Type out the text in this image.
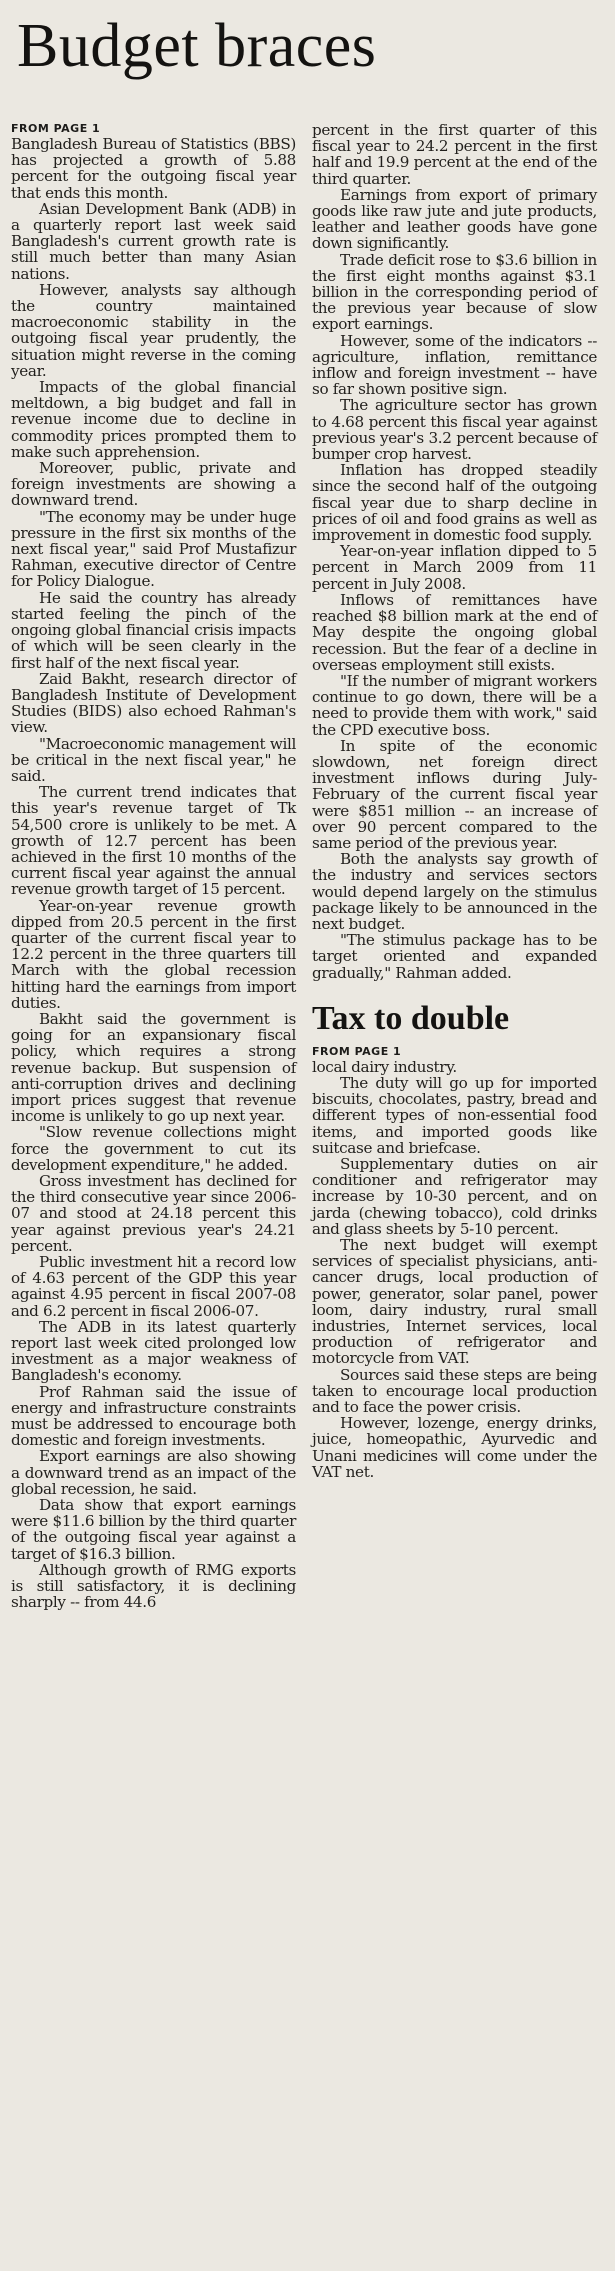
Budget braces
FROM PAGE 1

Bangladesh Bureau of Statistics (BBS) has projected a growth of 5.88 percent for the outgoing fiscal year that ends this month.

Asian Development Bank (ADB) in a quarterly report last week said Bangladesh's current growth rate is still much better than many Asian nations.

However, analysts say although the country maintained macroeconomic stability in the outgoing fiscal year prudently, the situation might reverse in the coming year.

Impacts of the global financial meltdown, a big budget and fall in revenue income due to decline in commodity prices prompted them to make such apprehension.

Moreover, public, private and foreign investments are showing a downward trend.

"The economy may be under huge pressure in the first six months of the next fiscal year," said Prof Mustafizur Rahman, executive director of Centre for Policy Dialogue.

He said the country has already started feeling the pinch of the ongoing global financial crisis impacts of which will be seen clearly in the first half of the next fiscal year.

Zaid Bakht, research director of Bangladesh Institute of Development Studies (BIDS) also echoed Rahman's view.

"Macroeconomic management will be critical in the next fiscal year," he said.

The current trend indicates that this year's revenue target of Tk 54,500 crore is unlikely to be met. A growth of 12.7 percent has been achieved in the first 10 months of the current fiscal year against the annual revenue growth target of 15 percent.

Year-on-year revenue growth dipped from 20.5 percent in the first quarter of the current fiscal year to 12.2 percent in the three quarters till March with the global recession hitting hard the earnings from import duties.

Bakht said the government is going for an expansionary fiscal policy, which requires a strong revenue backup. But suspension of anti-corruption drives and declining import prices suggest that revenue income is unlikely to go up next year.

"Slow revenue collections might force the government to cut its development expenditure," he added.

Gross investment has declined for the third consecutive year since 2006-07 and stood at 24.18 percent this year against previous year's 24.21 percent.

Public investment hit a record low of 4.63 percent of the GDP this year against 4.95 percent in fiscal 2007-08 and 6.2 percent in fiscal 2006-07.

The ADB in its latest quarterly report last week cited prolonged low investment as a major weakness of Bangladesh's economy.

Prof Rahman said the issue of energy and infrastructure constraints must be addressed to encourage both domestic and foreign investments.

Export earnings are also showing a downward trend as an impact of the global recession, he said.

Data show that export earnings were $11.6 billion by the third quarter of the outgoing fiscal year against a target of $16.3 billion.

Although growth of RMG exports is still satisfactory, it is declining sharply -- from 44.6

percent in the first quarter of this fiscal year to 24.2 percent in the first half and 19.9 percent at the end of the third quarter.

Earnings from export of primary goods like raw jute and jute products, leather and leather goods have gone down significantly.

Trade deficit rose to $3.6 billion in the first eight months against $3.1 billion in the corresponding period of the previous year because of slow export earnings.

However, some of the indicators -- agriculture, inflation, remittance inflow and foreign investment -- have so far shown positive sign.

The agriculture sector has grown to 4.68 percent this fiscal year against previous year's 3.2 percent because of bumper crop harvest.

Inflation has dropped steadily since the second half of the outgoing fiscal year due to sharp decline in prices of oil and food grains as well as improvement in domestic food supply.

Year-on-year inflation dipped to 5 percent in March 2009 from 11 percent in July 2008.

Inflows of remittances have reached $8 billion mark at the end of May despite the ongoing global recession. But the fear of a decline in overseas employment still exists.

"If the number of migrant workers continue to go down, there will be a need to provide them with work," said the CPD executive boss.

In spite of the economic slowdown, net foreign direct investment inflows during July-February of the current fiscal year were $851 million -- an increase of over 90 percent compared to the same period of the previous year.

Both the analysts say growth of the industry and services sectors would depend largely on the stimulus package likely to be announced in the next budget.

"The stimulus package has to be target oriented and expanded gradually," Rahman added.

Tax to double
FROM PAGE 1

local dairy industry.

The duty will go up for imported biscuits, chocolates, pastry, bread and different types of non-essential food items, and imported goods like suitcase and briefcase.

Supplementary duties on air conditioner and refrigerator may increase by 10-30 percent, and on jarda (chewing tobacco), cold drinks and glass sheets by 5-10 percent.

The next budget will exempt services of specialist physicians, anti-cancer drugs, local production of power, generator, solar panel, power loom, dairy industry, rural small industries, Internet services, local production of refrigerator and motorcycle from VAT.

Sources said these steps are being taken to encourage local production and to face the power crisis.

However, lozenge, energy drinks, juice, homeopathic, Ayurvedic and Unani medicines will come under the VAT net.
